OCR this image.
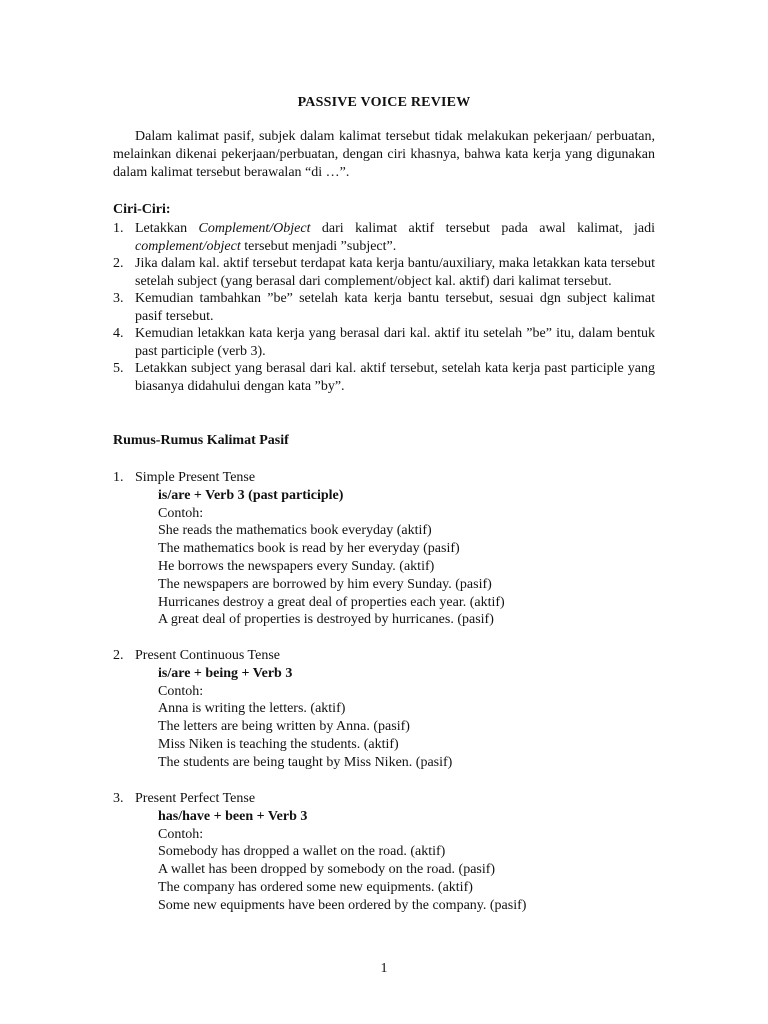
PASSIVE VOICE REVIEW
Dalam kalimat pasif, subjek dalam kalimat tersebut tidak melakukan pekerjaan/ perbuatan, melainkan dikenai pekerjaan/perbuatan, dengan ciri khasnya, bahwa kata kerja yang digunakan dalam kalimat tersebut berawalan “di …”.
Ciri-Ciri:
1. Letakkan Complement/Object dari kalimat aktif tersebut pada awal kalimat, jadi complement/object tersebut menjadi ”subject”.
2. Jika dalam kal. aktif tersebut terdapat kata kerja bantu/auxiliary, maka letakkan kata tersebut setelah subject (yang berasal dari complement/object kal. aktif) dari kalimat tersebut.
3. Kemudian tambahkan ”be” setelah kata kerja bantu tersebut, sesuai dgn subject kalimat pasif tersebut.
4. Kemudian letakkan kata kerja yang berasal dari kal. aktif itu setelah ”be” itu, dalam bentuk past participle (verb 3).
5. Letakkan subject yang berasal dari kal. aktif tersebut, setelah kata kerja past participle yang biasanya didahului dengan kata ”by”.
Rumus-Rumus Kalimat Pasif
1. Simple Present Tense
is/are + Verb 3 (past participle)
Contoh:
She reads the mathematics book everyday (aktif)
The mathematics book is read by her everyday (pasif)
He borrows the newspapers every Sunday. (aktif)
The newspapers are borrowed by him every Sunday. (pasif)
Hurricanes destroy a great deal of properties each year. (aktif)
A great deal of properties is destroyed by hurricanes. (pasif)
2. Present Continuous Tense
is/are + being + Verb 3
Contoh:
Anna is writing the letters. (aktif)
The letters are being written by Anna. (pasif)
Miss Niken is teaching the students. (aktif)
The students are being taught by Miss Niken. (pasif)
3. Present Perfect Tense
has/have + been + Verb 3
Contoh:
Somebody has dropped a wallet on the road. (aktif)
A wallet has been dropped by somebody on the road. (pasif)
The company has ordered some new equipments. (aktif)
Some new equipments have been ordered by the company. (pasif)
1
